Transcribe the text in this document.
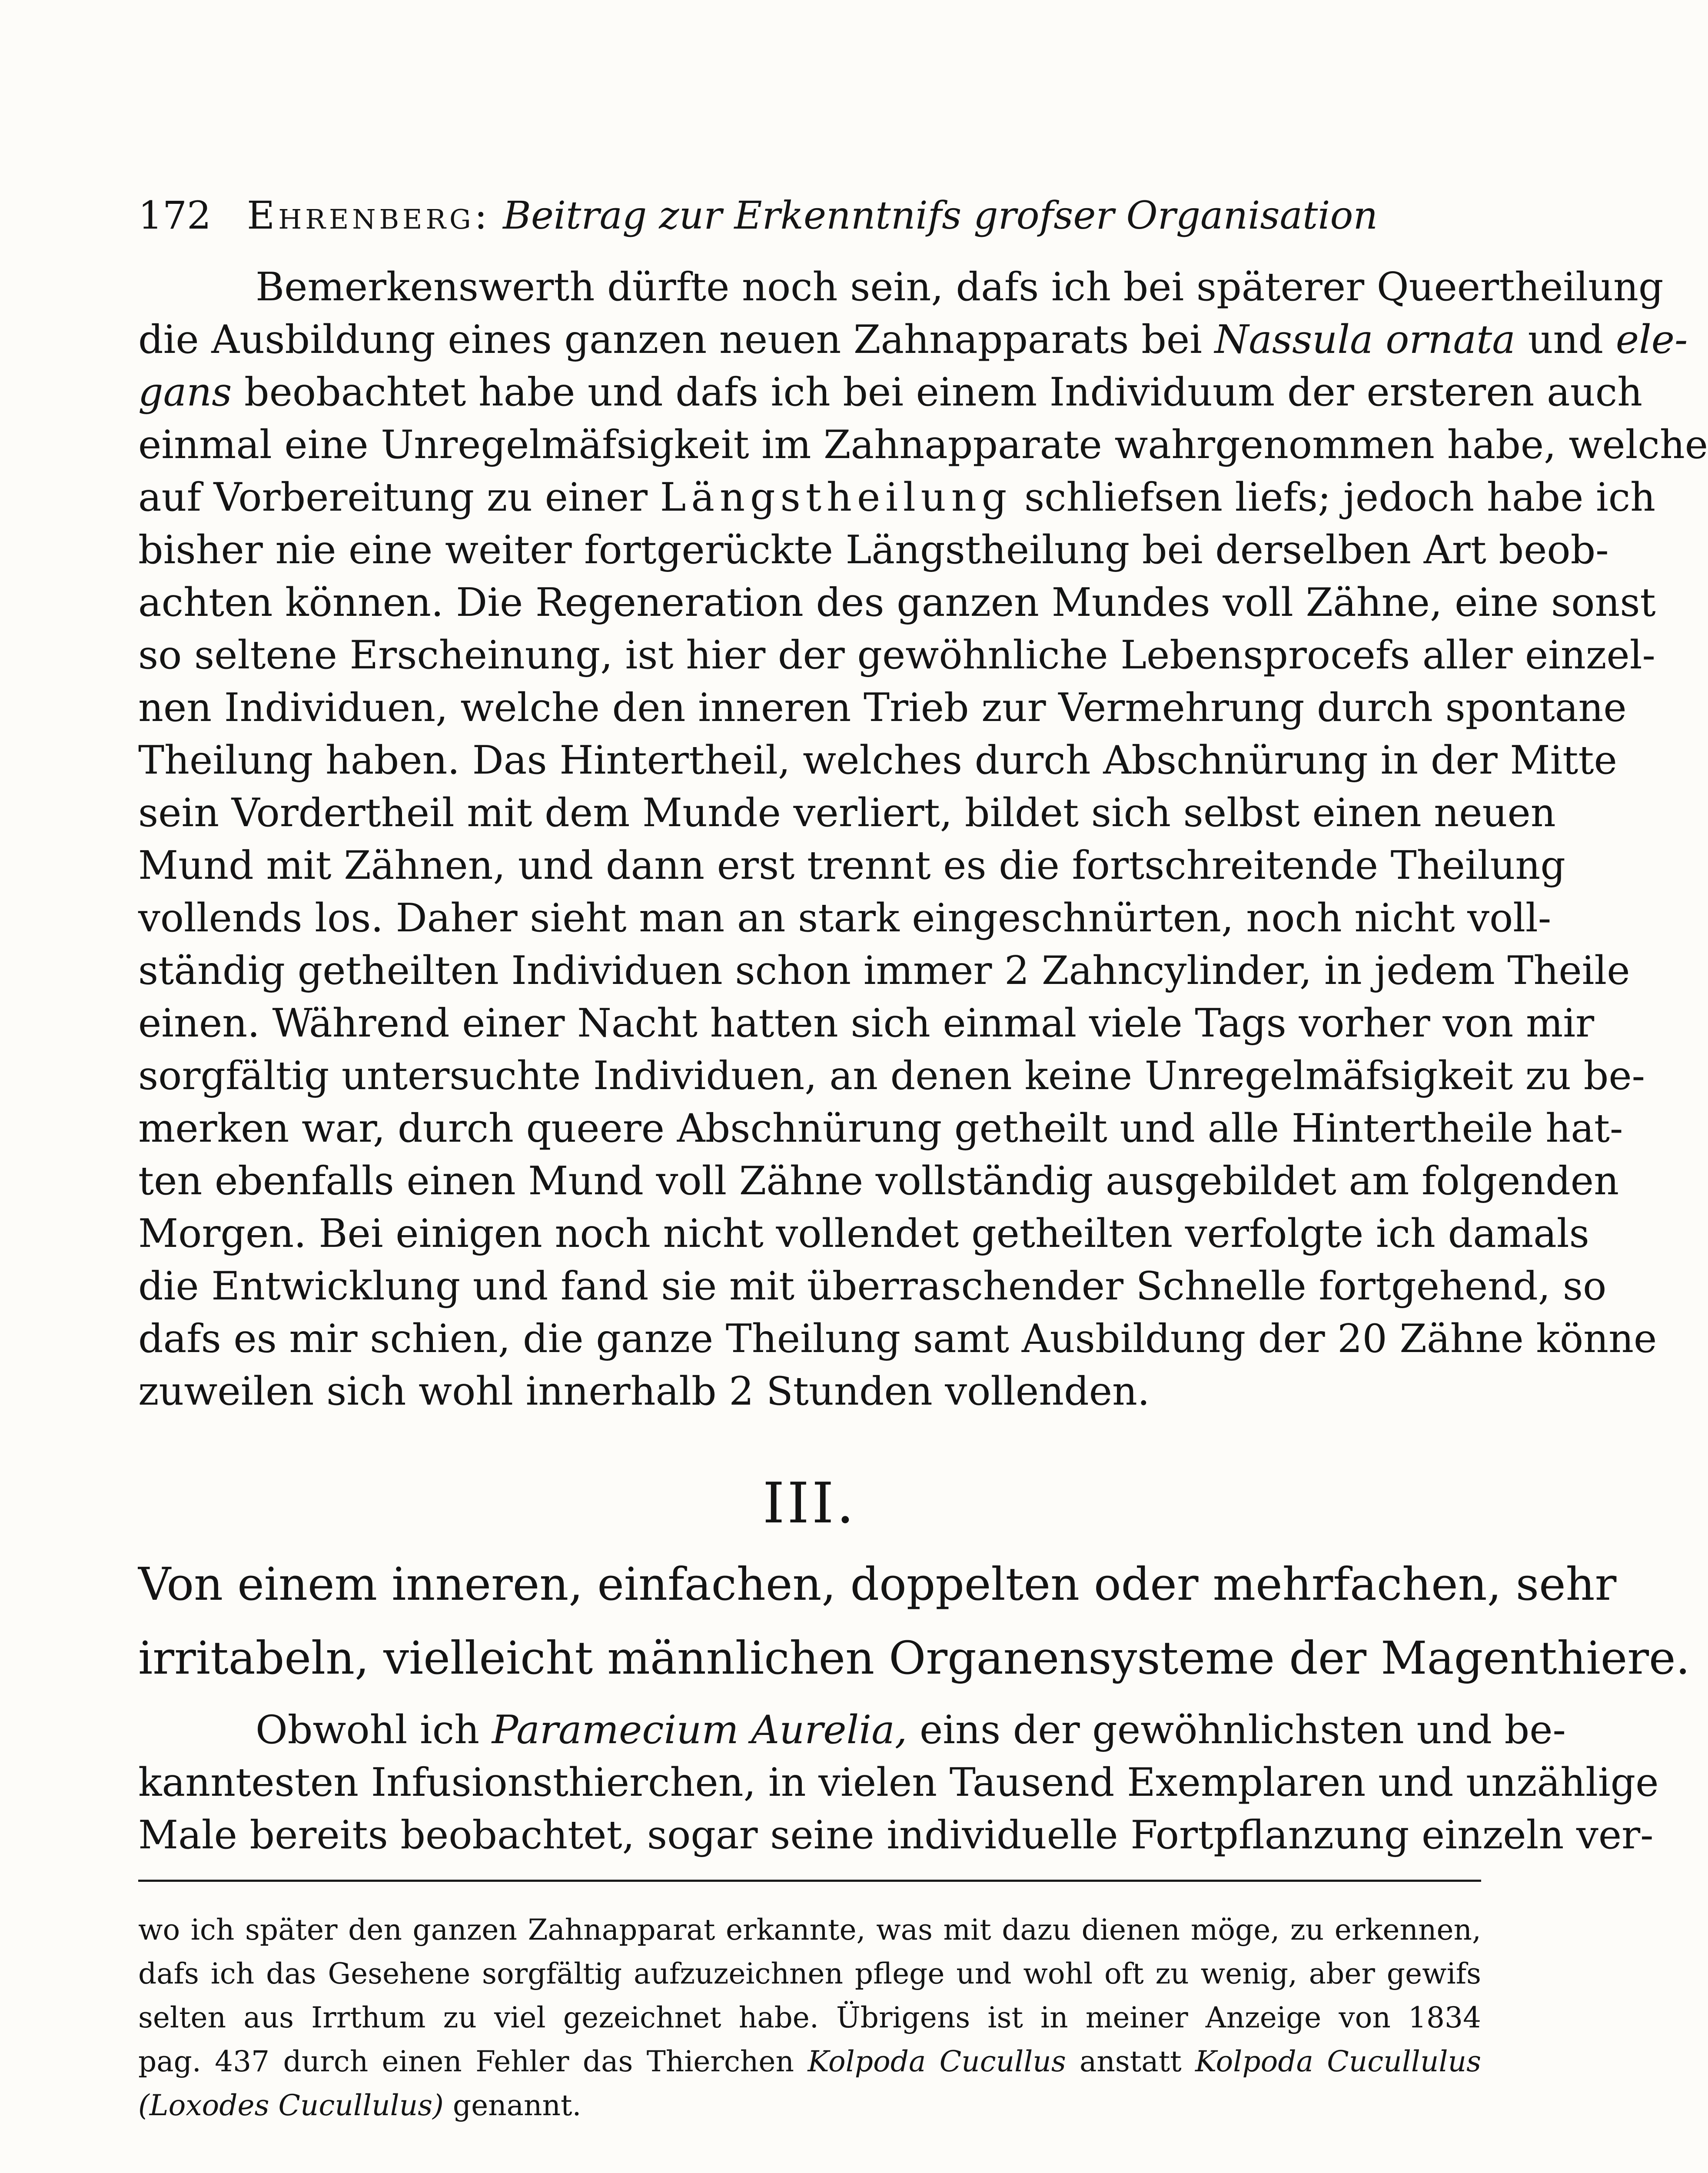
172 Ehrenberg: Beitrag zur Erkenntnifs grofser Organisation
Bemerkenswerth dürfte noch sein, dafs ich bei späterer Queertheilung
die Ausbildung eines ganzen neuen Zahnapparats bei Nassula ornata und ele-
gans beobachtet habe und dafs ich bei einem Individuum der ersteren auch
einmal eine Unregelmäfsigkeit im Zahnapparate wahrgenommen habe, welche
auf Vorbereitung zu einer Längstheilung schliefsen liefs; jedoch habe ich
bisher nie eine weiter fortgerückte Längstheilung bei derselben Art beob-
achten können. Die Regeneration des ganzen Mundes voll Zähne, eine sonst
so seltene Erscheinung, ist hier der gewöhnliche Lebensprocefs aller einzel-
nen Individuen, welche den inneren Trieb zur Vermehrung durch spontane
Theilung haben. Das Hintertheil, welches durch Abschnürung in der Mitte
sein Vordertheil mit dem Munde verliert, bildet sich selbst einen neuen
Mund mit Zähnen, und dann erst trennt es die fortschreitende Theilung
vollends los. Daher sieht man an stark eingeschnürten, noch nicht voll-
ständig getheilten Individuen schon immer 2 Zahncylinder, in jedem Theile
einen. Während einer Nacht hatten sich einmal viele Tags vorher von mir
sorgfältig untersuchte Individuen, an denen keine Unregelmäfsigkeit zu be-
merken war, durch queere Abschnürung getheilt und alle Hintertheile hat-
ten ebenfalls einen Mund voll Zähne vollständig ausgebildet am folgenden
Morgen. Bei einigen noch nicht vollendet getheilten verfolgte ich damals
die Entwicklung und fand sie mit überraschender Schnelle fortgehend, so
dafs es mir schien, die ganze Theilung samt Ausbildung der 20 Zähne könne
zuweilen sich wohl innerhalb 2 Stunden vollenden.
III.
Von einem inneren, einfachen, doppelten oder mehrfachen, sehr
irritabeln, vielleicht männlichen Organensysteme der Magenthiere.
Obwohl ich Paramecium Aurelia, eins der gewöhnlichsten und be-
kanntesten Infusionsthierchen, in vielen Tausend Exemplaren und unzählige
Male bereits beobachtet, sogar seine individuelle Fortpflanzung einzeln ver-
wo ich später den ganzen Zahnapparat erkannte, was mit dazu dienen möge, zu erkennen,
dafs ich das Gesehene sorgfältig aufzuzeichnen pflege und wohl oft zu wenig, aber gewifs
selten aus Irrthum zu viel gezeichnet habe. Übrigens ist in meiner Anzeige von 1834
pag. 437 durch einen Fehler das Thierchen Kolpoda Cucullus anstatt Kolpoda Cucullulus
(Loxodes Cucullulus) genannt.
